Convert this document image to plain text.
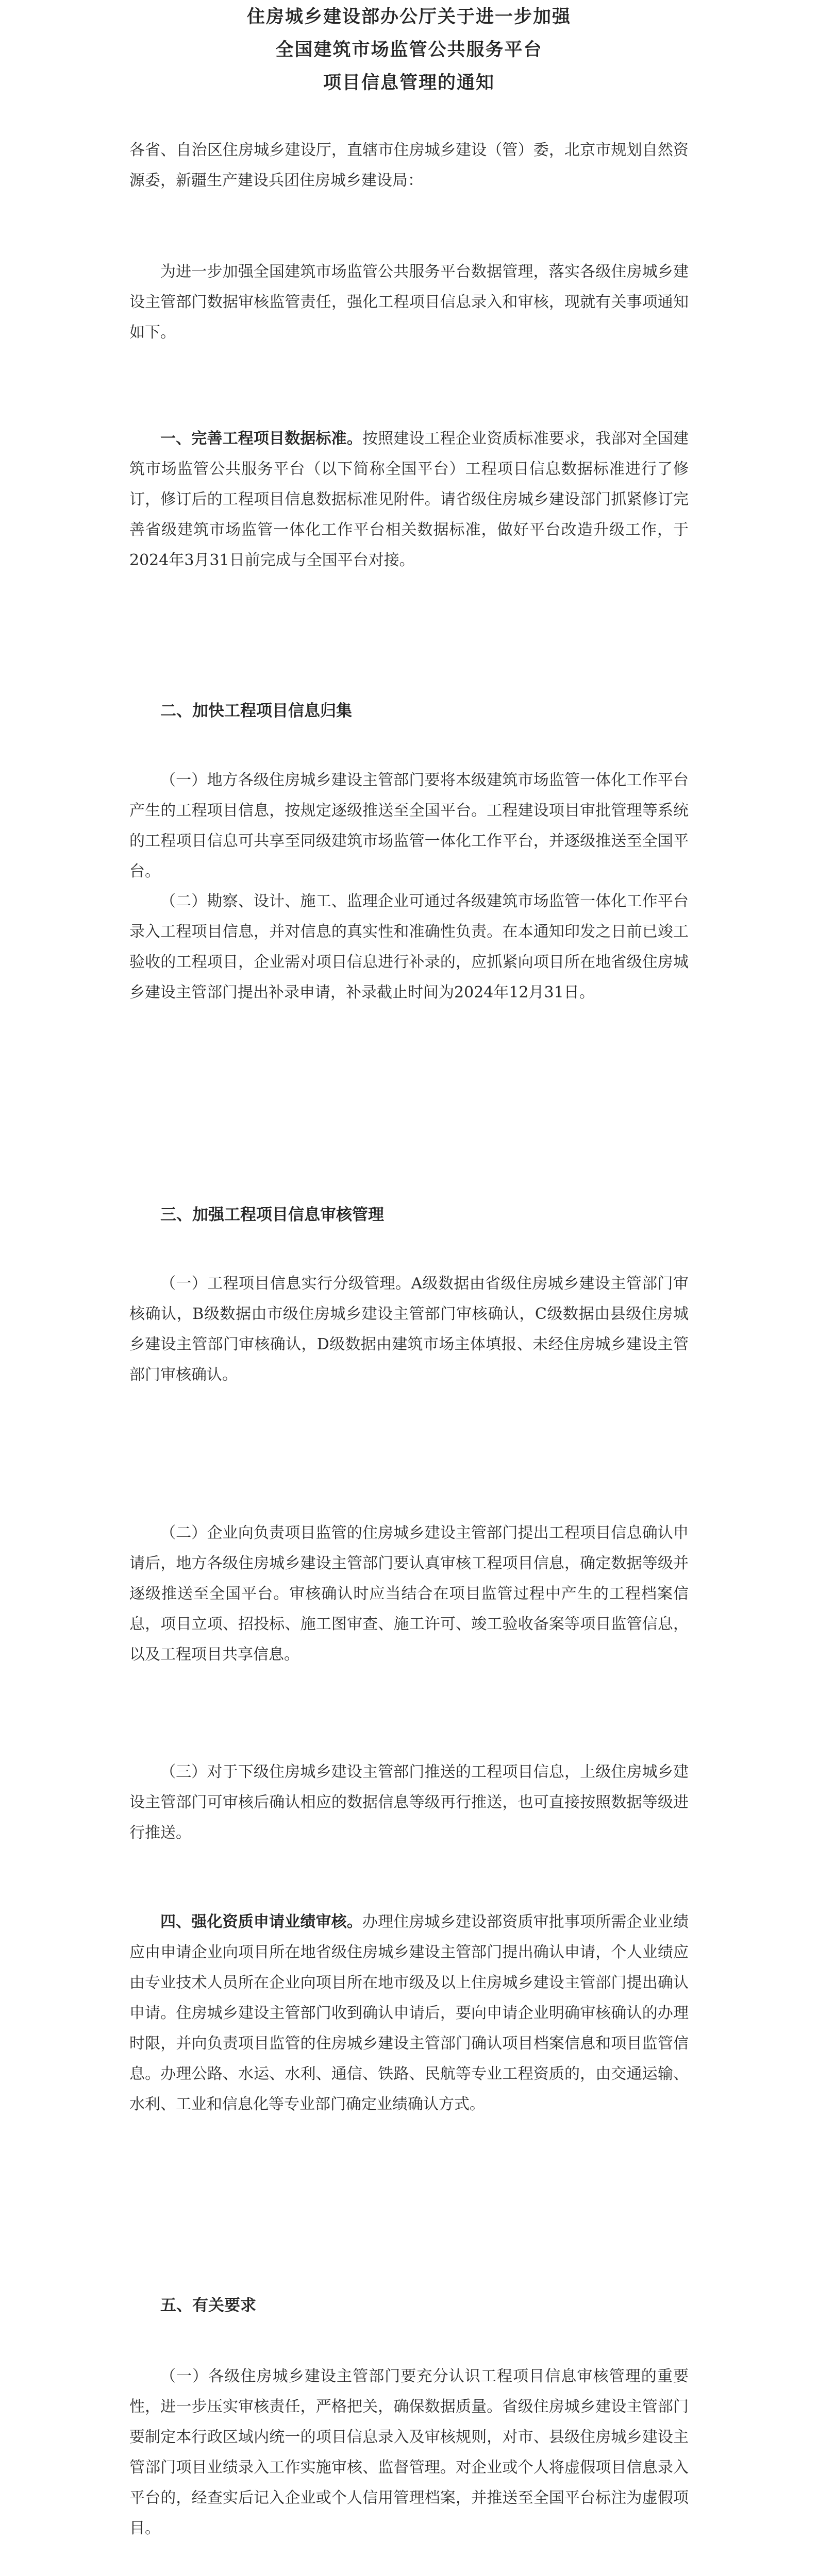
住房城乡建设部办公厅关于进一步加强
全国建筑市场监管公共服务平台
项目信息管理的通知

各省、自治区住房城乡建设厅，直辖市住房城乡建设（管）委，北京市规划自然资源委，新疆生产建设兵团住房城乡建设局：

为进一步加强全国建筑市场监管公共服务平台数据管理，落实各级住房城乡建设主管部门数据审核监管责任，强化工程项目信息录入和审核，现就有关事项通知如下。

一、完善工程项目数据标准。按照建设工程企业资质标准要求，我部对全国建筑市场监管公共服务平台（以下简称全国平台）工程项目信息数据标准进行了修订，修订后的工程项目信息数据标准见附件。请省级住房城乡建设部门抓紧修订完善省级建筑市场监管一体化工作平台相关数据标准，做好平台改造升级工作，于2024年3月31日前完成与全国平台对接。

二、加快工程项目信息归集

（一）地方各级住房城乡建设主管部门要将本级建筑市场监管一体化工作平台产生的工程项目信息，按规定逐级推送至全国平台。工程建设项目审批管理等系统的工程项目信息可共享至同级建筑市场监管一体化工作平台，并逐级推送至全国平台。

（二）勘察、设计、施工、监理企业可通过各级建筑市场监管一体化工作平台录入工程项目信息，并对信息的真实性和准确性负责。在本通知印发之日前已竣工验收的工程项目，企业需对项目信息进行补录的，应抓紧向项目所在地省级住房城乡建设主管部门提出补录申请，补录截止时间为2024年12月31日。

三、加强工程项目信息审核管理

（一）工程项目信息实行分级管理。A级数据由省级住房城乡建设主管部门审核确认，B级数据由市级住房城乡建设主管部门审核确认，C级数据由县级住房城乡建设主管部门审核确认，D级数据由建筑市场主体填报、未经住房城乡建设主管部门审核确认。

（二）企业向负责项目监管的住房城乡建设主管部门提出工程项目信息确认申请后，地方各级住房城乡建设主管部门要认真审核工程项目信息，确定数据等级并逐级推送至全国平台。审核确认时应当结合在项目监管过程中产生的工程档案信息，项目立项、招投标、施工图审查、施工许可、竣工验收备案等项目监管信息，以及工程项目共享信息。

（三）对于下级住房城乡建设主管部门推送的工程项目信息，上级住房城乡建设主管部门可审核后确认相应的数据信息等级再行推送，也可直接按照数据等级进行推送。

四、强化资质申请业绩审核。办理住房城乡建设部资质审批事项所需企业业绩应由申请企业向项目所在地省级住房城乡建设主管部门提出确认申请，个人业绩应由专业技术人员所在企业向项目所在地市级及以上住房城乡建设主管部门提出确认申请。住房城乡建设主管部门收到确认申请后，要向申请企业明确审核确认的办理时限，并向负责项目监管的住房城乡建设主管部门确认项目档案信息和项目监管信息。办理公路、水运、水利、通信、铁路、民航等专业工程资质的，由交通运输、水利、工业和信息化等专业部门确定业绩确认方式。

五、有关要求

（一）各级住房城乡建设主管部门要充分认识工程项目信息审核管理的重要性，进一步压实审核责任，严格把关，确保数据质量。省级住房城乡建设主管部门要制定本行政区域内统一的项目信息录入及审核规则，对市、县级住房城乡建设主管部门项目业绩录入工作实施审核、监督管理。对企业或个人将虚假项目信息录入平台的，经查实后记入企业或个人信用管理档案，并推送至全国平台标注为虚假项目。
